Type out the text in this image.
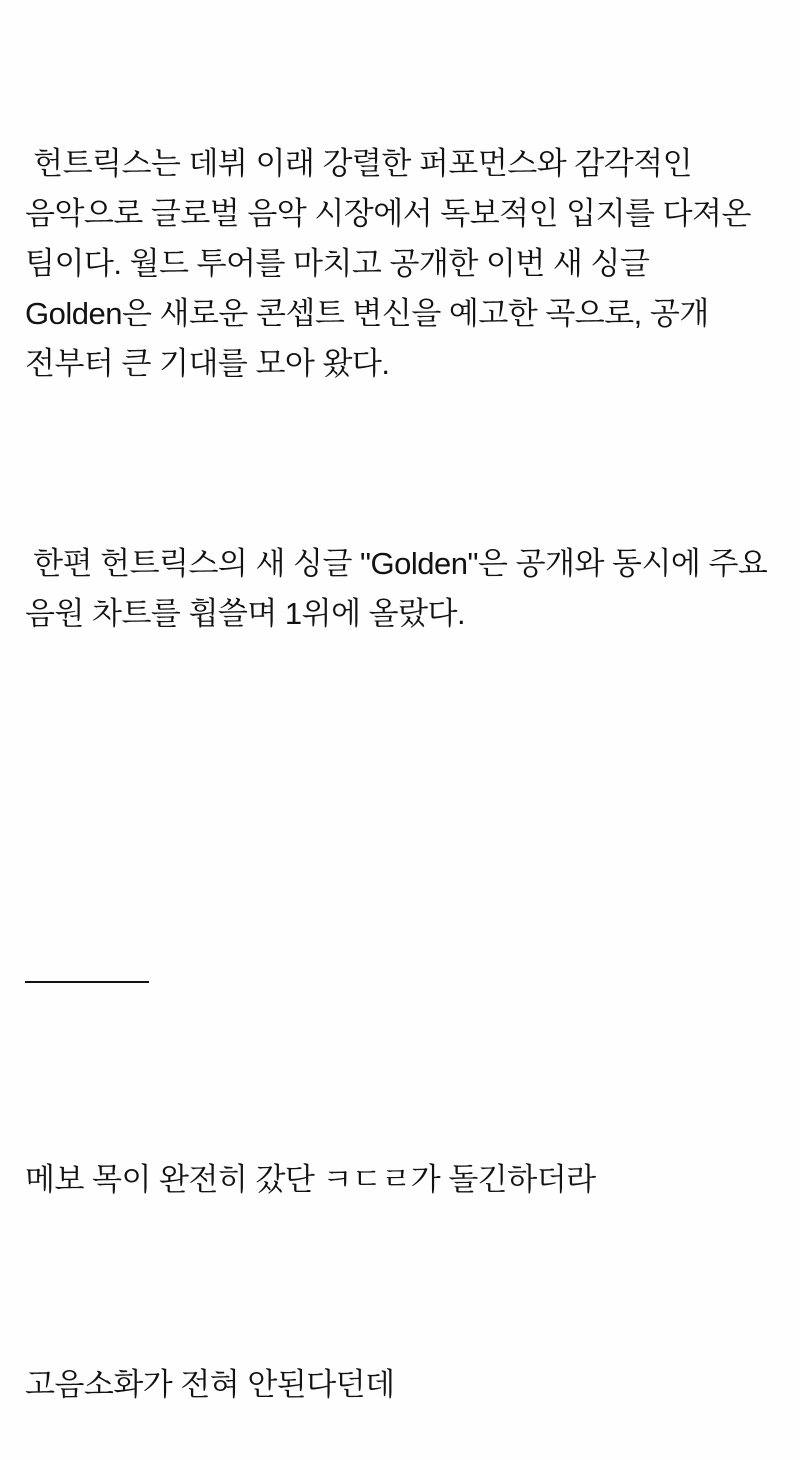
헌트릭스는 데뷔 이래 강렬한 퍼포먼스와 감각적인 음악으로 글로벌 음악 시장에서 독보적인 입지를 다져온 팀이다. 월드 투어를 마치고 공개한 이번 새 싱글 Golden은 새로운 콘셉트 변신을 예고한 곡으로, 공개 전부터 큰 기대를 모아 왔다.

한편 헌트릭스의 새 싱글 "Golden"은 공개와 동시에 주요 음원 차트를 휩쓸며 1위에 올랐다.

————

메보 목이 완전히 갔단 ㅋㄷㄹ가 돌긴하더라

고음소화가 전혀 안된다던데
